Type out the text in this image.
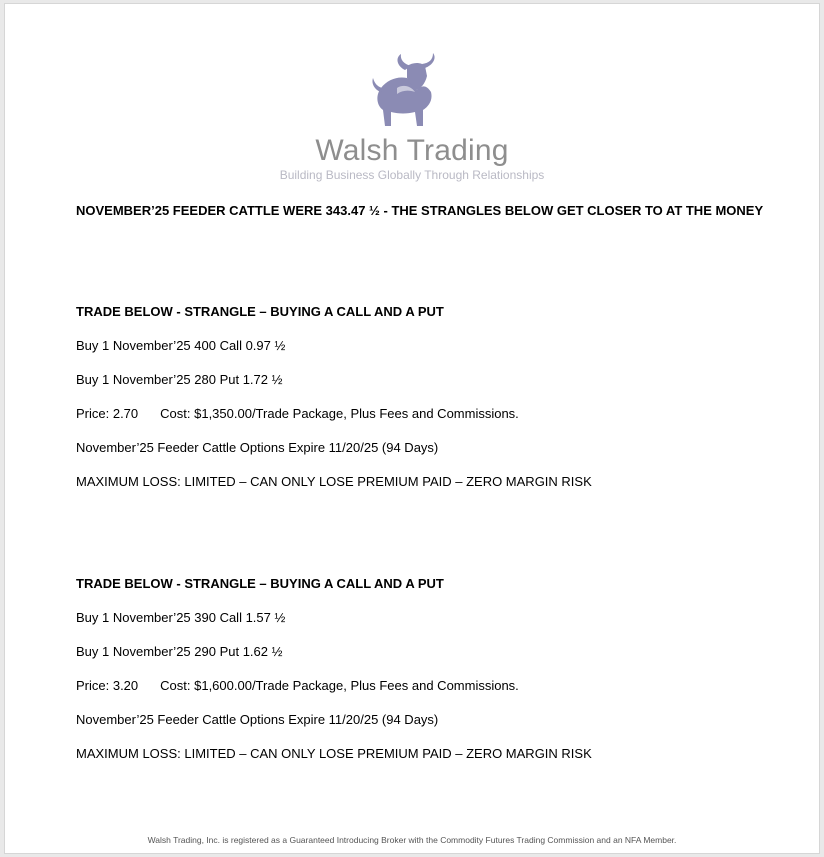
Walsh Trading
Building Business Globally Through Relationships
NOVEMBER’25 FEEDER CATTLE WERE 343.47 ½ - THE STRANGLES BELOW GET CLOSER TO AT THE MONEY
TRADE BELOW - STRANGLE – BUYING A CALL AND A PUT
Buy 1 November’25 400 Call 0.97 ½
Buy 1 November’25 280 Put 1.72 ½
Price: 2.70 Cost: $1,350.00/Trade Package, Plus Fees and Commissions.
November’25 Feeder Cattle Options Expire 11/20/25 (94 Days)
MAXIMUM LOSS: LIMITED – CAN ONLY LOSE PREMIUM PAID – ZERO MARGIN RISK
TRADE BELOW - STRANGLE – BUYING A CALL AND A PUT
Buy 1 November’25 390 Call 1.57 ½
Buy 1 November’25 290 Put 1.62 ½
Price: 3.20 Cost: $1,600.00/Trade Package, Plus Fees and Commissions.
November’25 Feeder Cattle Options Expire 11/20/25 (94 Days)
MAXIMUM LOSS: LIMITED – CAN ONLY LOSE PREMIUM PAID – ZERO MARGIN RISK
Walsh Trading, Inc. is registered as a Guaranteed Introducing Broker with the Commodity Futures Trading Commission and an NFA Member.
